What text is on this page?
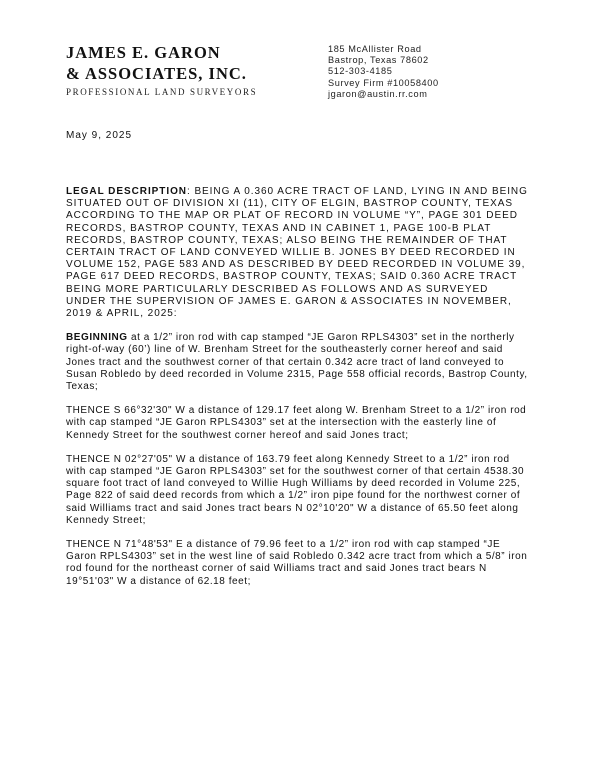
JAMES E. GARON

& ASSOCIATES, INC.

PROFESSIONAL LAND SURVEYORS
185 McAllister Road
Bastrop, Texas 78602
512-303-4185
Survey Firm #10058400
jgaron@austin.rr.com
May 9, 2025

LEGAL DESCRIPTION: BEING A 0.360 ACRE TRACT OF LAND, LYING IN AND BEING SITUATED OUT OF DIVISION XI (11), CITY OF ELGIN, BASTROP COUNTY, TEXAS ACCORDING TO THE MAP OR PLAT OF RECORD IN VOLUME “Y”, PAGE 301 DEED RECORDS, BASTROP COUNTY, TEXAS AND IN CABINET 1, PAGE 100-B PLAT RECORDS, BASTROP COUNTY, TEXAS; ALSO BEING THE REMAINDER OF THAT CERTAIN TRACT OF LAND CONVEYED WILLIE B. JONES BY DEED RECORDED IN VOLUME 152, PAGE 583 AND AS DESCRIBED BY DEED RECORDED IN VOLUME 39, PAGE 617 DEED RECORDS, BASTROP COUNTY, TEXAS; SAID 0.360 ACRE TRACT BEING MORE PARTICULARLY DESCRIBED AS FOLLOWS AND AS SURVEYED UNDER THE SUPERVISION OF JAMES E. GARON & ASSOCIATES IN NOVEMBER, 2019 & APRIL, 2025:

BEGINNING at a 1/2” iron rod with cap stamped “JE Garon RPLS4303” set in the northerly right-of-way (60’) line of W. Brenham Street for the southeasterly corner hereof and said Jones tract and the southwest corner of that certain 0.342 acre tract of land conveyed to Susan Robledo by deed recorded in Volume 2315, Page 558 official records, Bastrop County, Texas;

THENCE S 66°32'30" W a distance of 129.17 feet along W. Brenham Street to a 1/2” iron rod with cap stamped “JE Garon RPLS4303” set at the intersection with the easterly line of Kennedy Street for the southwest corner hereof and said Jones tract;

THENCE N 02°27'05" W a distance of 163.79 feet along Kennedy Street to a 1/2” iron rod with cap stamped “JE Garon RPLS4303” set for the southwest corner of that certain 4538.30 square foot tract of land conveyed to Willie Hugh Williams by deed recorded in Volume 225, Page 822 of said deed records from which a 1/2” iron pipe found for the northwest corner of said Williams tract and said Jones tract bears N 02°10'20" W a distance of 65.50 feet along Kennedy Street;

THENCE N 71°48'53" E a distance of 79.96 feet to a 1/2” iron rod with cap stamped “JE Garon RPLS4303” set in the west line of said Robledo 0.342 acre tract from which a 5/8” iron rod found for the northeast corner of said Williams tract and said Jones tract bears N 19°51'03" W a distance of 62.18 feet;
